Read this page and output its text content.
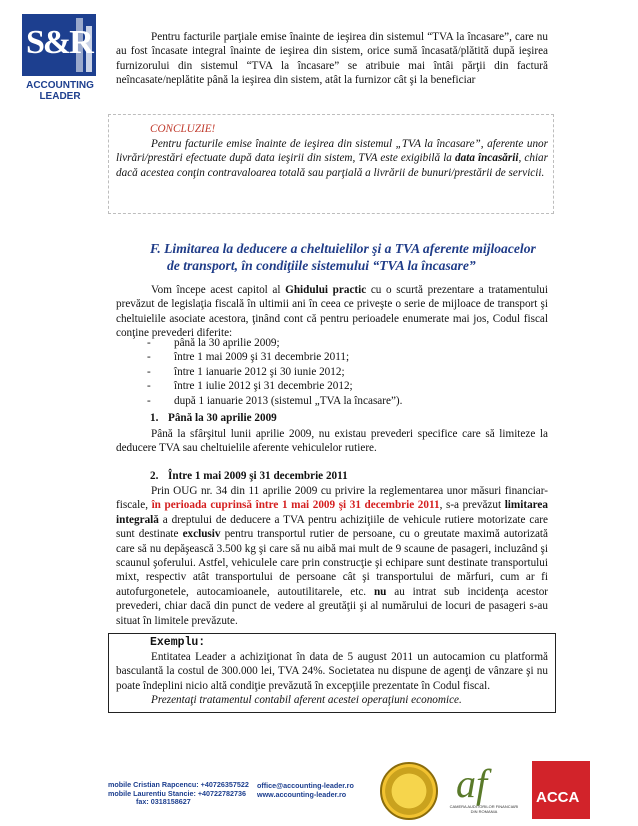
S&R
ACCOUNTING LEADER

Pentru facturile parţiale emise înainte de ieşirea din sistemul “TVA la încasare”, care nu au fost încasate integral înainte de ieşirea din sistem, orice sumă încasată/plătită după ieşirea furnizorului din sistemul “TVA la încasare” se atribuie mai întâi părţii din factură neîncasate/neplătite până la ieşirea din sistem, atât la furnizor cât şi la beneficiar

CONCLUZIE!

Pentru facturile emise înainte de ieşirea din sistemul „TVA la încasare”, aferente unor livrări/prestări efectuate după data ieşirii din sistem, TVA este exigibilă la data încasării, chiar dacă acestea conţin contravaloarea totală sau parţială a livrării de bunuri/prestării de servicii.

F. Limitarea la deducere a cheltuielilor şi a TVA aferente mijloacelor
de transport, în condiţiile sistemului “TVA la încasare”

Vom începe acest capitol al Ghidului practic cu o scurtă prezentare a tratamentului prevăzut de legislaţia fiscală în ultimii ani în ceea ce priveşte o serie de mijloace de transport şi cheltuielile asociate acestora, ţinând cont că pentru perioadele enumerate mai jos, Codul fiscal conţine prevederi diferite:

-	până la 30 aprilie 2009;
-	între 1 mai 2009 şi 31 decembrie 2011;
-	între 1 ianuarie 2012 şi 30 iunie 2012;
-	între 1 iulie 2012 şi 31 decembrie 2012;
-	după 1 ianuarie 2013 (sistemul „TVA la încasare”).
1. Până la 30 aprilie 2009

Până la sfârşitul lunii aprilie 2009, nu existau prevederi specifice care să limiteze la deducere TVA sau cheltuielile aferente vehiculelor rutiere.

2. Între 1 mai 2009 şi 31 decembrie 2011

Prin OUG nr. 34 din 11 aprilie 2009 cu privire la reglementarea unor măsuri financiar-fiscale, în perioada cuprinsă între 1 mai 2009 şi 31 decembrie 2011, s-a prevăzut limitarea integrală a dreptului de deducere a TVA pentru achiziţiile de vehicule rutiere motorizate care sunt destinate exclusiv pentru transportul rutier de persoane, cu o greutate maximă autorizată care să nu depăşească 3.500 kg şi care să nu aibă mai mult de 9 scaune de pasageri, incluzând şi scaunul şoferului. Astfel, vehiculele care prin construcţie şi echipare sunt destinate transportului mixt, respectiv atât transportului de persoane cât şi transportului de mărfuri, cum ar fi autofurgonetele, autocamioanele, autoutilitarele, etc. nu au intrat sub incidenţa acestor prevederi, chiar dacă din punct de vedere al greutăţii şi al numărului de locuri de pasageri s-au situat în limitele prevăzute.

Exemplu:

Entitatea Leader a achiziţionat în data de 5 august 2011 un autocamion cu platformă basculantă la costul de 300.000 lei, TVA 24%. Societatea nu dispune de agenţi de vânzare şi nu poate îndeplini nicio altă condiţie prevăzută în excepţiile prezentate în Codul fiscal.

Prezentaţi tratamentul contabil aferent acestei operaţiuni economice.

mobile Cristian Rapcencu: +40726357522
mobile Laurentiu Stancie: +40722782736
fax: 0318158627
office@accounting-leader.ro
www.accounting-leader.ro	af
CAMERA AUDITORILOR FINANCIARI DIN ROMANIA
ACCA
